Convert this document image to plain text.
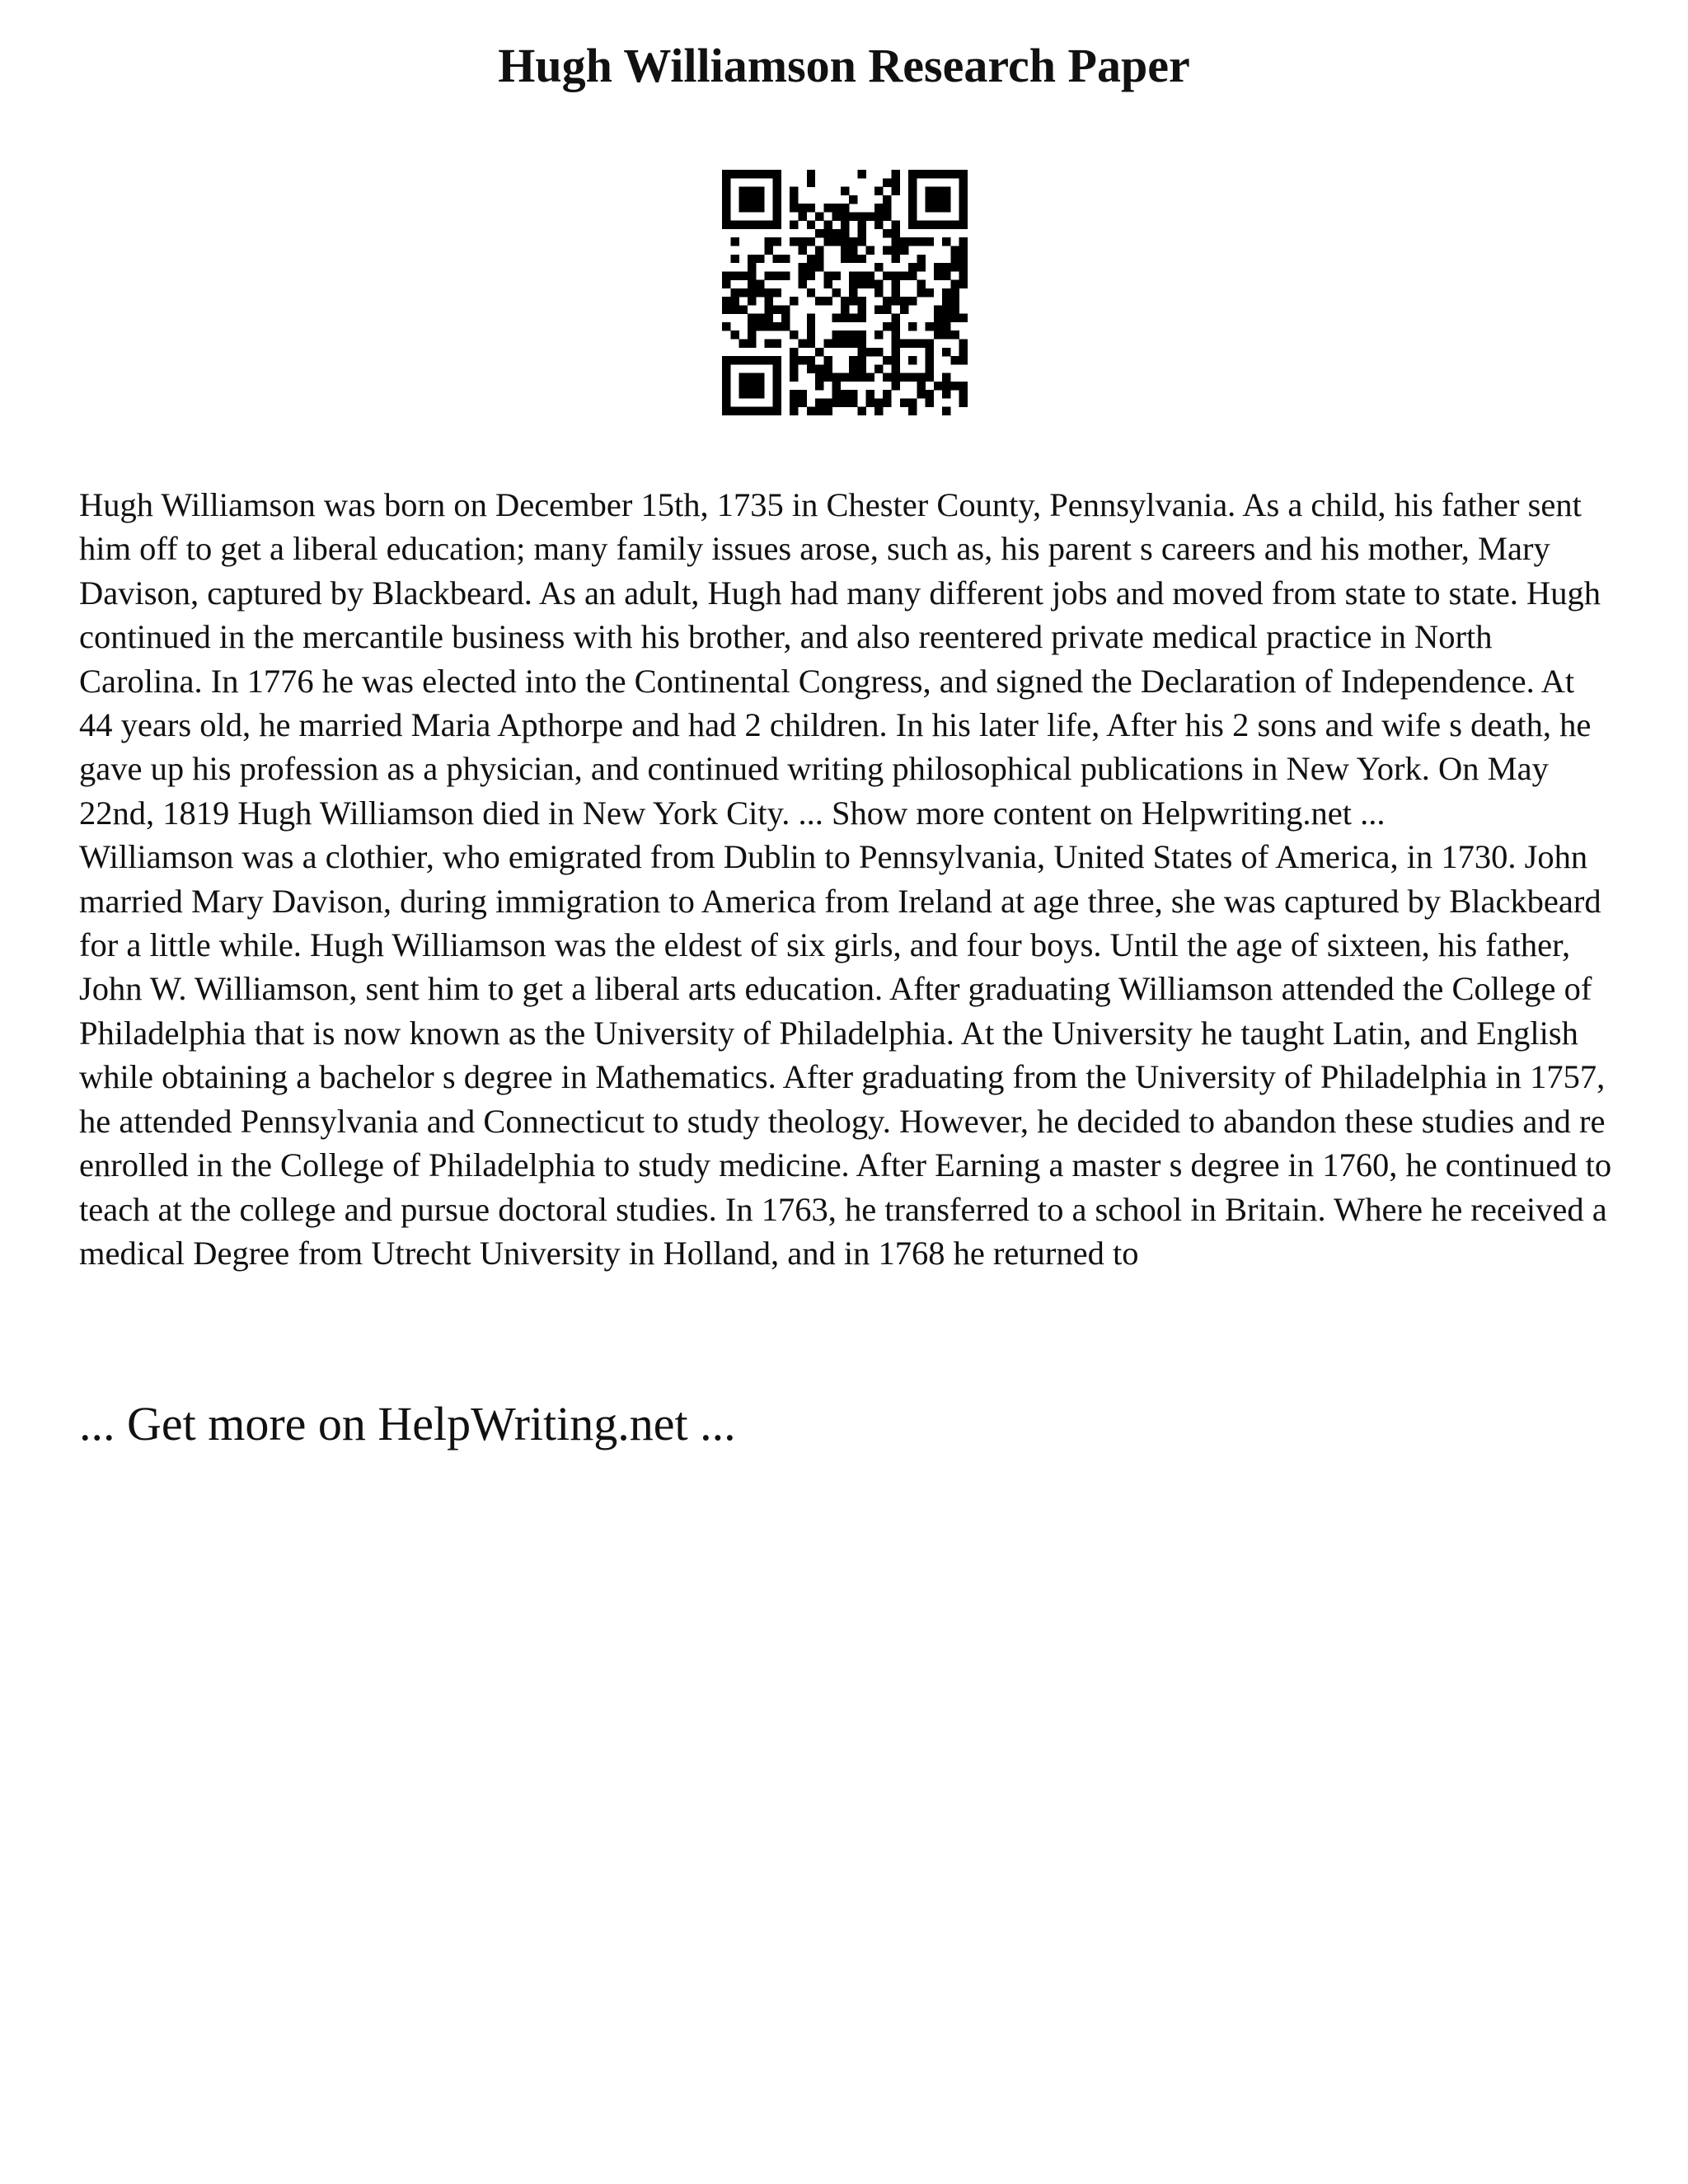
Hugh Williamson Research Paper

Hugh Williamson was born on December 15th, 1735 in Chester County, Pennsylvania. As a child, his father sent him off to get a liberal education; many family issues arose, such as, his parent s careers and his mother, Mary Davison, captured by Blackbeard. As an adult, Hugh had many different jobs and moved from state to state. Hugh continued in the mercantile business with his brother, and also reentered private medical practice in North Carolina. In 1776 he was elected into the Continental Congress, and signed the Declaration of Independence. At 44 years old, he married Maria Apthorpe and had 2 children. In his later life, After his 2 sons and wife s death, he gave up his profession as a physician, and continued writing philosophical publications in New York. On May 22nd, 1819 Hugh Williamson died in New York City. ... Show more content on Helpwriting.net ...

Williamson was a clothier, who emigrated from Dublin to Pennsylvania, United States of America, in 1730. John married Mary Davison, during immigration to America from Ireland at age three, she was captured by Blackbeard for a little while. Hugh Williamson was the eldest of six girls, and four boys. Until the age of sixteen, his father, John W. Williamson, sent him to get a liberal arts education. After graduating Williamson attended the College of Philadelphia that is now known as the University of Philadelphia. At the University he taught Latin, and English while obtaining a bachelor s degree in Mathematics. After graduating from the University of Philadelphia in 1757, he attended Pennsylvania and Connecticut to study theology. However, he decided to abandon these studies and re enrolled in the College of Philadelphia to study medicine. After Earning a master s degree in 1760, he continued to teach at the college and pursue doctoral studies. In 1763, he transferred to a school in Britain. Where he received a medical Degree from Utrecht University in Holland, and in 1768 he returned to

... Get more on HelpWriting.net ...
